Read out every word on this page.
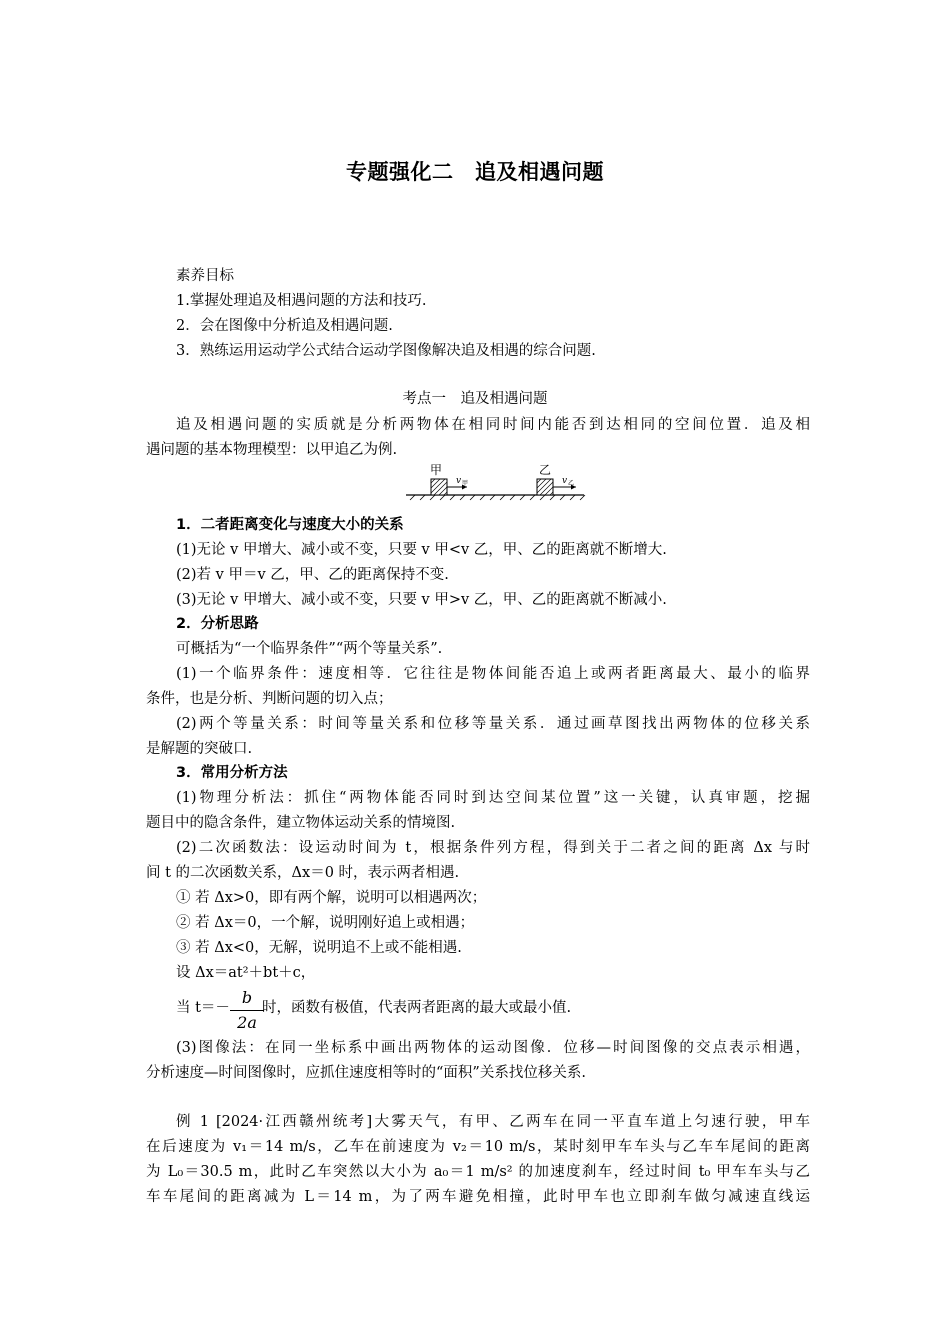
专题强化二　追及相遇问题
素养目标
1.掌握处理追及相遇问题的方法和技巧.
2．会在图像中分析追及相遇问题.
3．熟练运用运动学公式结合运动学图像解决追及相遇的综合问题.
考点一　追及相遇问题
追及相遇问题的实质就是分析两物体在相同时间内能否到达相同的空间位置．追及相
遇问题的基本物理模型：以甲追乙为例.
甲
v 甲
乙
v 乙
1．二者距离变化与速度大小的关系
(1)无论 v 甲增大、减小或不变，只要 v 甲<v 乙，甲、乙的距离就不断增大.
(2)若 v 甲＝v 乙，甲、乙的距离保持不变.
(3)无论 v 甲增大、减小或不变，只要 v 甲>v 乙，甲、乙的距离就不断减小.
2．分析思路
可概括为“一个临界条件”“两个等量关系”.
(1)一个临界条件：速度相等．它往往是物体间能否追上或两者距离最大、最小的临界
条件，也是分析、判断问题的切入点；
(2)两个等量关系：时间等量关系和位移等量关系．通过画草图找出两物体的位移关系
是解题的突破口.
3．常用分析方法
(1)物理分析法：抓住“两物体能否同时到达空间某位置”这一关键，认真审题，挖掘
题目中的隐含条件，建立物体运动关系的情境图.
(2)二次函数法：设运动时间为 t，根据条件列方程，得到关于二者之间的距离 Δx 与时
间 t 的二次函数关系，Δx＝0 时，表示两者相遇.
① 若 Δx>0，即有两个解，说明可以相遇两次；
② 若 Δx＝0，一个解，说明刚好追上或相遇；
③ 若 Δx<0，无解，说明追不上或不能相遇.
设 Δx＝at²＋bt＋c，
当 t＝－
b
2a
时，函数有极值，代表两者距离的最大或最小值.
(3)图像法：在同一坐标系中画出两物体的运动图像．位移—时间图像的交点表示相遇，
分析速度—时间图像时，应抓住速度相等时的“面积”关系找位移关系.
例 1 [2024·江西赣州统考]大雾天气，有甲、乙两车在同一平直车道上匀速行驶，甲车
在后速度为 v₁＝14 m/s，乙车在前速度为 v₂＝10 m/s，某时刻甲车车头与乙车车尾间的距离
为 L₀＝30.5 m，此时乙车突然以大小为 a₀＝1 m/s² 的加速度刹车，经过时间 t₀ 甲车车头与乙
车车尾间的距离减为 L＝14 m，为了两车避免相撞，此时甲车也立即刹车做匀减速直线运
